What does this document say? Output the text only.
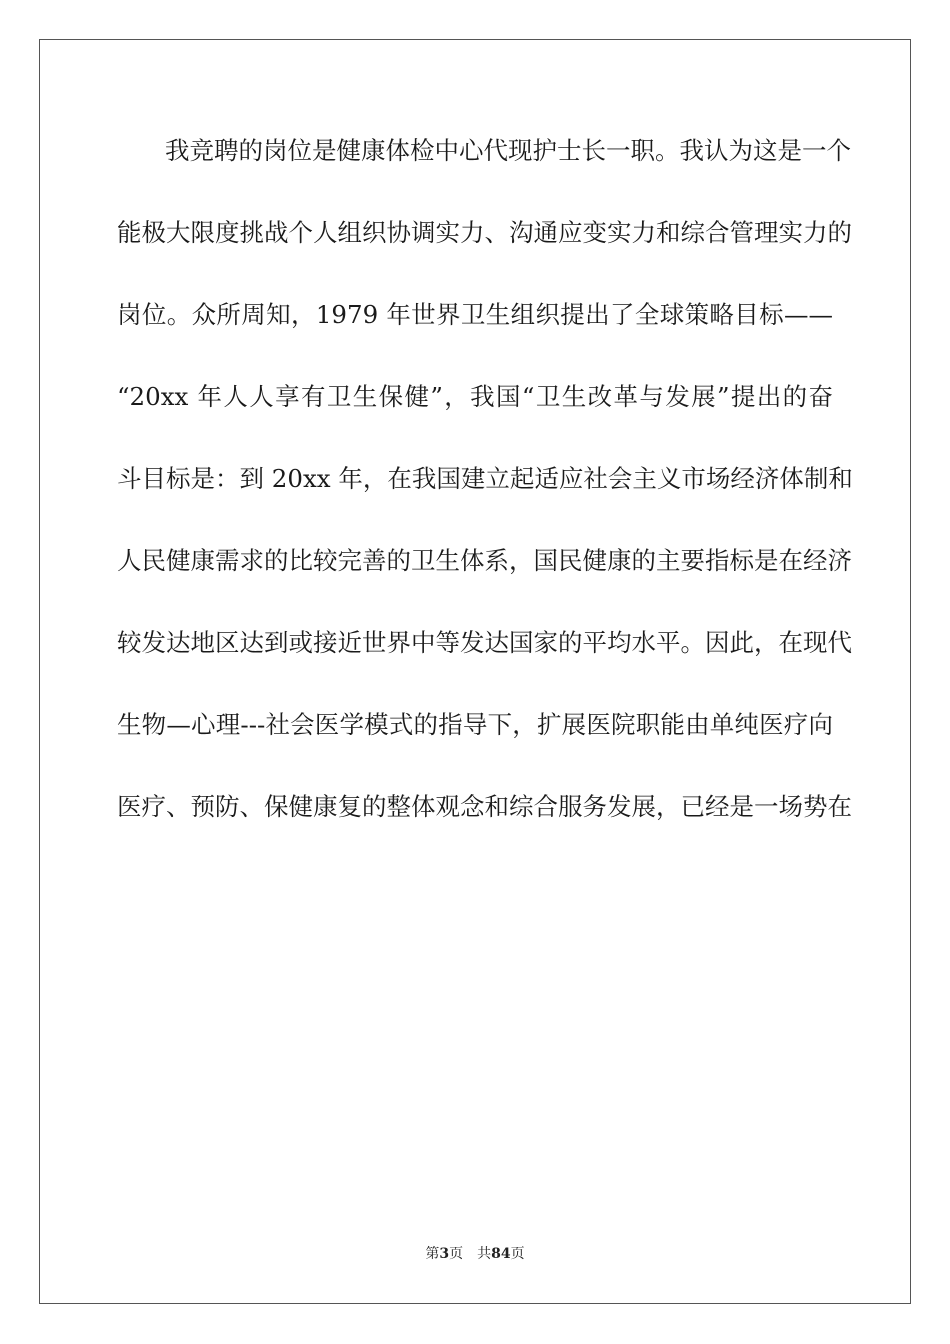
我竞聘的岗位是健康体检中心代现护士长一职。我认为这是一个
能极大限度挑战个人组织协调实力、沟通应变实力和综合管理实力的
岗位。众所周知，1979 年世界卫生组织提出了全球策略目标——
“20xx 年人人享有卫生保健”，我国“卫生改革与发展”提出的奋
斗目标是：到 20xx 年，在我国建立起适应社会主义市场经济体制和
人民健康需求的比较完善的卫生体系，国民健康的主要指标是在经济
较发达地区达到或接近世界中等发达国家的平均水平。因此，在现代
生物—心理---社会医学模式的指导下，扩展医院职能由单纯医疗向
医疗、预防、保健康复的整体观念和综合服务发展，已经是一场势在
第3页 共84页
